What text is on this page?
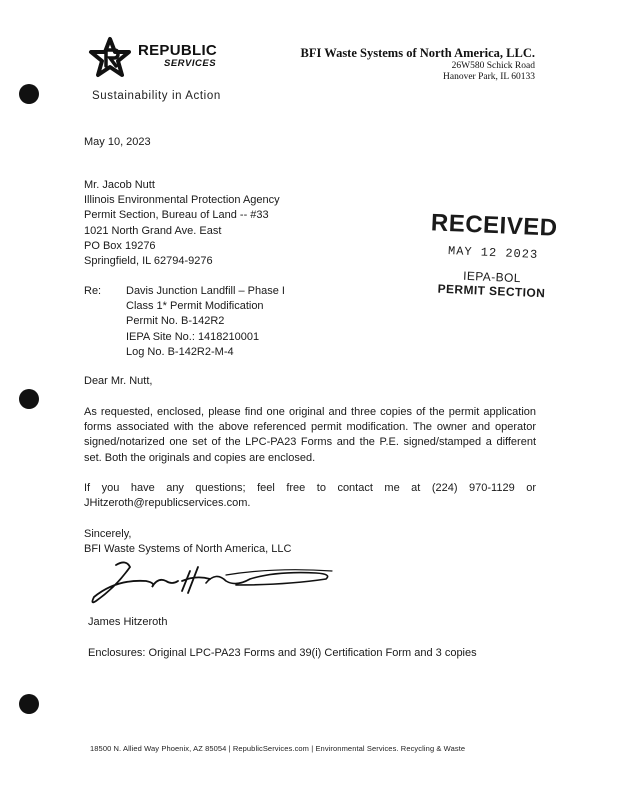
REPUBLIC
SERVICES
Sustainability in Action
BFI Waste Systems of North America, LLC.
26W580 Schick Road
Hanover Park, IL 60133
May 10, 2023
Mr. Jacob Nutt
Illinois Environmental Protection Agency
Permit Section, Bureau of Land -- #33
1021 North Grand Ave. East
PO Box 19276
Springfield, IL 62794-9276
Re: Davis Junction Landfill – Phase I
Class 1* Permit Modification
Permit No. B-142R2
IEPA Site No.: 1418210001
Log No. B-142R2-M-4
RECEIVED
MAY 12 2023
IEPA-BOL
PERMIT SECTION
Dear Mr. Nutt,
As requested, enclosed, please find one original and three copies of the permit application forms associated with the above referenced permit modification. The owner and operator signed/notarized one set of the LPC-PA23 Forms and the P.E. signed/stamped a different set. Both the originals and copies are enclosed.
If you have any questions; feel free to contact me at (224) 970-1129 or JHitzeroth@republicservices.com.
Sincerely,
BFI Waste Systems of North America, LLC
James Hitzeroth
Enclosures: Original LPC-PA23 Forms and 39(i) Certification Form and 3 copies
18500 N. Allied Way Phoenix, AZ 85054 | RepublicServices.com | Environmental Services. Recycling & Waste
